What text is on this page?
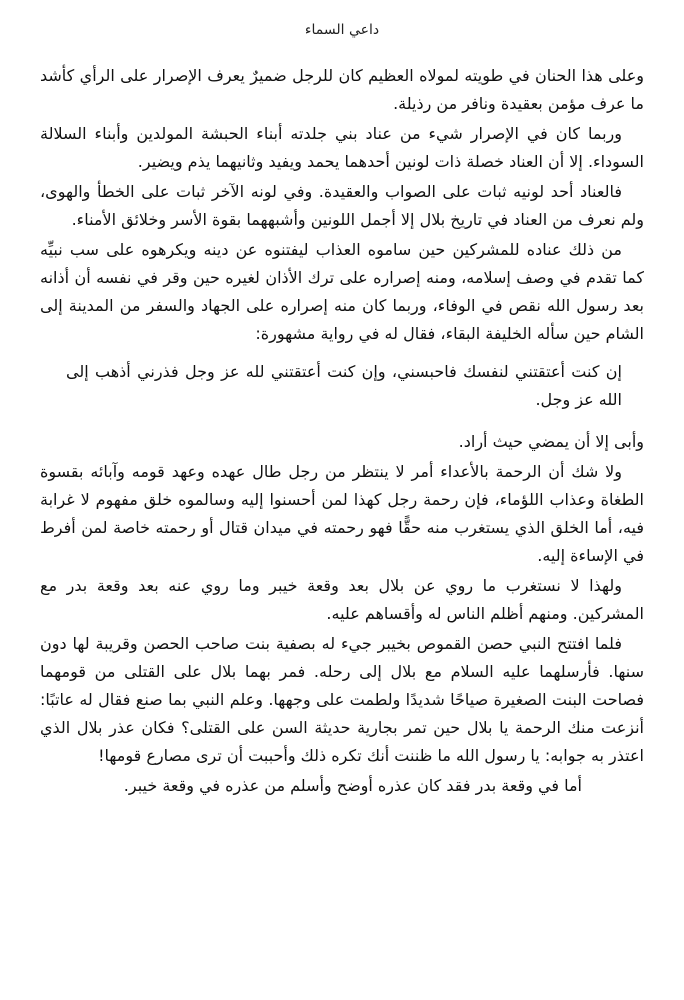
داعي السماء

وعلى هذا الحنان في طويته لمولاه العظيم كان للرجل ضميرٌ يعرف الإصرار على الرأي كأشد ما عرف مؤمن بعقيدة ونافر من رذيلة.

وربما كان في الإصرار شيء من عناد بني جلدته أبناء الحبشة المولدين وأبناء السلالة السوداء. إلا أن العناد خصلة ذات لونين أحدهما يحمد ويفيد وثانيهما يذم ويضير.

فالعناد أحد لونيه ثبات على الصواب والعقيدة. وفي لونه الآخر ثبات على الخطأ والهوى، ولم نعرف من العناد في تاريخ بلال إلا أجمل اللونين وأشبههما بقوة الأسر وخلائق الأمناء.

من ذلك عناده للمشركين حين ساموه العذاب ليفتنوه عن دينه ويكرهوه على سب نبيِّه كما تقدم في وصف إسلامه، ومنه إصراره على ترك الأذان لغيره حين وقر في نفسه أن أذانه بعد رسول الله نقص في الوفاء، وربما كان منه إصراره على الجهاد والسفر من المدينة إلى الشام حين سأله الخليفة البقاء، فقال له في رواية مشهورة:

إن كنت أعتقتني لنفسك فاحبسني، وإن كنت أعتقتني لله عز وجل فذرني أذهب إلى الله عز وجل.

وأبى إلا أن يمضي حيث أراد.

ولا شك أن الرحمة بالأعداء أمر لا ينتظر من رجل طال عهده وعهد قومه وآبائه بقسوة الطغاة وعذاب اللؤماء، فإن رحمة رجل كهذا لمن أحسنوا إليه وسالموه خلق مفهوم لا غرابة فيه، أما الخلق الذي يستغرب منه حقًّا فهو رحمته في ميدان قتال أو رحمته خاصة لمن أفرط في الإساءة إليه.

ولهذا لا نستغرب ما روي عن بلال بعد وقعة خيبر وما روي عنه بعد وقعة بدر مع المشركين. ومنهم أظلم الناس له وأقساهم عليه.

فلما افتتح النبي حصن القموص بخيبر جيء له بصفية بنت صاحب الحصن وقريبة لها دون سنها. فأرسلهما عليه السلام مع بلال إلى رحله. فمر بهما بلال على القتلى من قومهما فصاحت البنت الصغيرة صياحًا شديدًا ولطمت على وجهها. وعلم النبي بما صنع فقال له عاتبًا: أنزعت منك الرحمة يا بلال حين تمر بجارية حديثة السن على القتلى؟ فكان عذر بلال الذي اعتذر به جوابه: يا رسول الله ما ظننت أنك تكره ذلك وأحببت أن ترى مصارع قومها!

أما في وقعة بدر فقد كان عذره أوضح وأسلم من عذره في وقعة خيبر.
